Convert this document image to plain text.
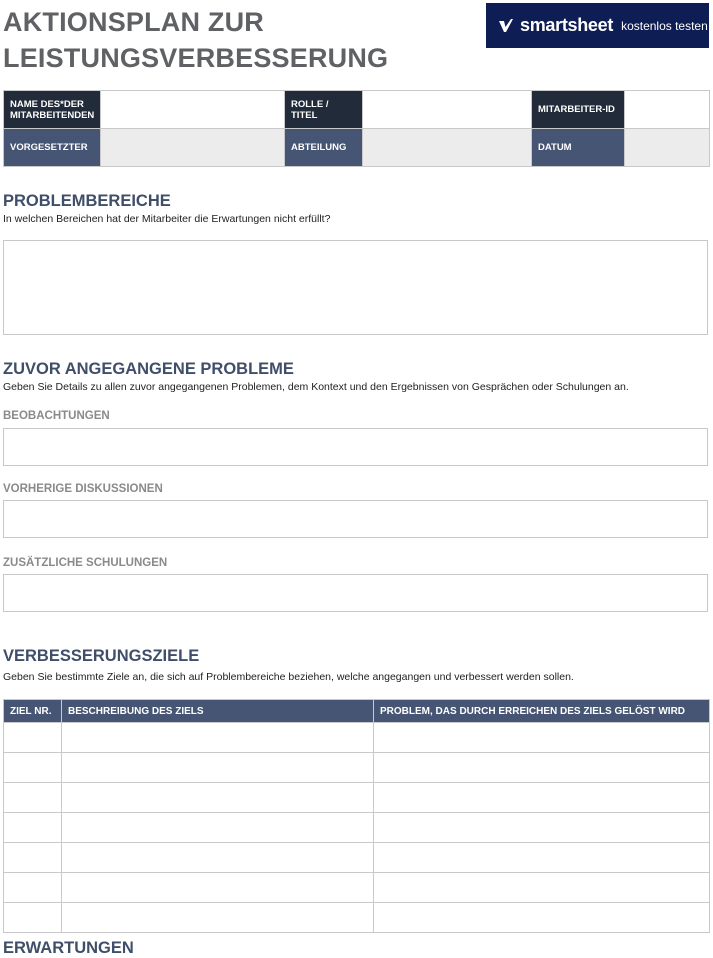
AKTIONSPLAN ZUR
LEISTUNGSVERBESSERUNG
smartsheet kostenlos testen
NAME DES*DER MITARBEITENDEN		ROLLE / TITEL		MITARBEITER-ID	
VORGESETZTER		ABTEILUNG		DATUM	
PROBLEMBEREICHE
In welchen Bereichen hat der Mitarbeiter die Erwartungen nicht erfüllt?
ZUVOR ANGEGANGENE PROBLEME
Geben Sie Details zu allen zuvor angegangenen Problemen, dem Kontext und den Ergebnissen von Gesprächen oder Schulungen an.
BEOBACHTUNGEN
VORHERIGE DISKUSSIONEN
ZUSÄTZLICHE SCHULUNGEN
VERBESSERUNGSZIELE
Geben Sie bestimmte Ziele an, die sich auf Problembereiche beziehen, welche angegangen und verbessert werden sollen.
ZIEL NR.	BESCHREIBUNG DES ZIELS	PROBLEM, DAS DURCH ERREICHEN DES ZIELS GELÖST WIRD

ERWARTUNGEN
